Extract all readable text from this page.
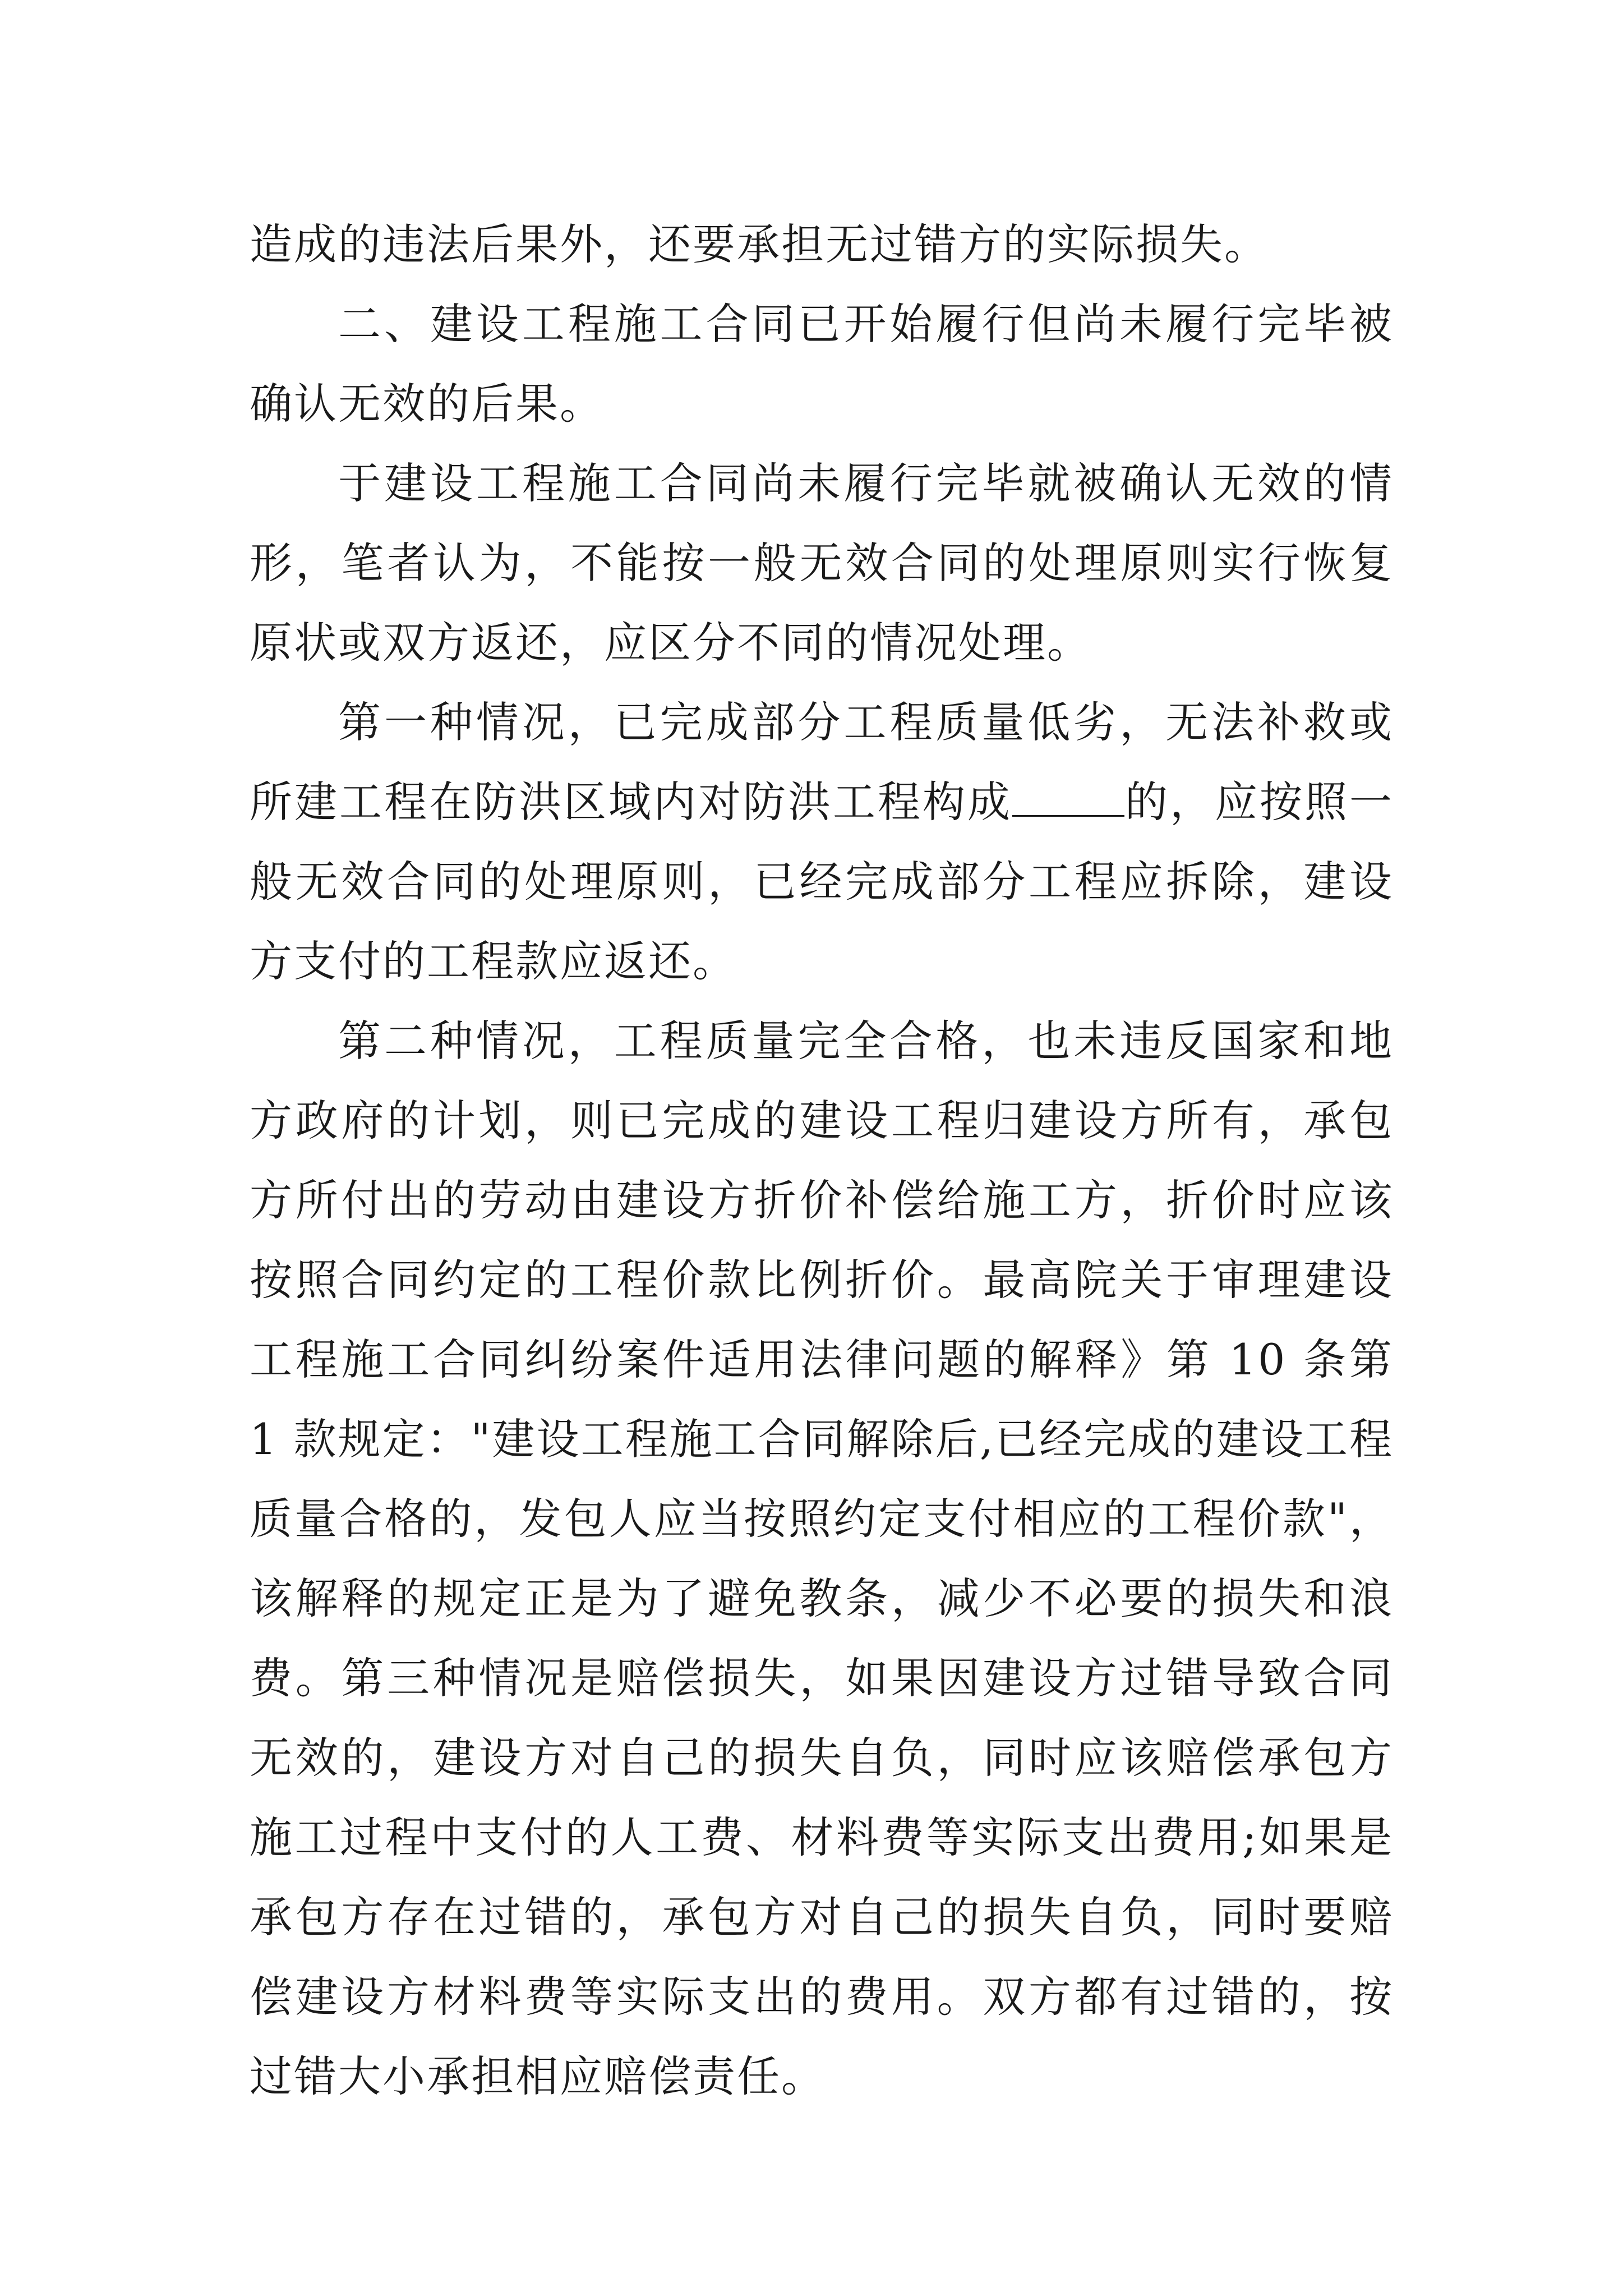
造成的违法后果外，还要承担无过错方的实际损失。

二、建设工程施工合同已开始履行但尚未履行完毕被确认无效的后果。

于建设工程施工合同尚未履行完毕就被确认无效的情形，笔者认为，不能按一般无效合同的处理原则实行恢复原状或双方返还，应区分不同的情况处理。

第一种情况，已完成部分工程质量低劣，无法补救或所建工程在防洪区域内对防洪工程构成	的，应按照一般无效合同的处理原则，已经完成部分工程应拆除，建设方支付的工程款应返还。

第二种情况，工程质量完全合格，也未违反国家和地方政府的计划，则已完成的建设工程归建设方所有，承包方所付出的劳动由建设方折价补偿给施工方，折价时应该按照合同约定的工程价款比例折价。最高院关于审理建设工程施工合同纠纷案件适用法律问题的解释》第 10 条第 1 款规定："建设工程施工合同解除后,已经完成的建设工程质量合格的，发包人应当按照约定支付相应的工程价款"，该解释的规定正是为了避免教条，减少不必要的损失和浪费。第三种情况是赔偿损失，如果因建设方过错导致合同无效的，建设方对自己的损失自负，同时应该赔偿承包方施工过程中支付的人工费、材料费等实际支出费用;如果是承包方存在过错的，承包方对自己的损失自负，同时要赔偿建设方材料费等实际支出的费用。双方都有过错的，按过错大小承担相应赔偿责任。
